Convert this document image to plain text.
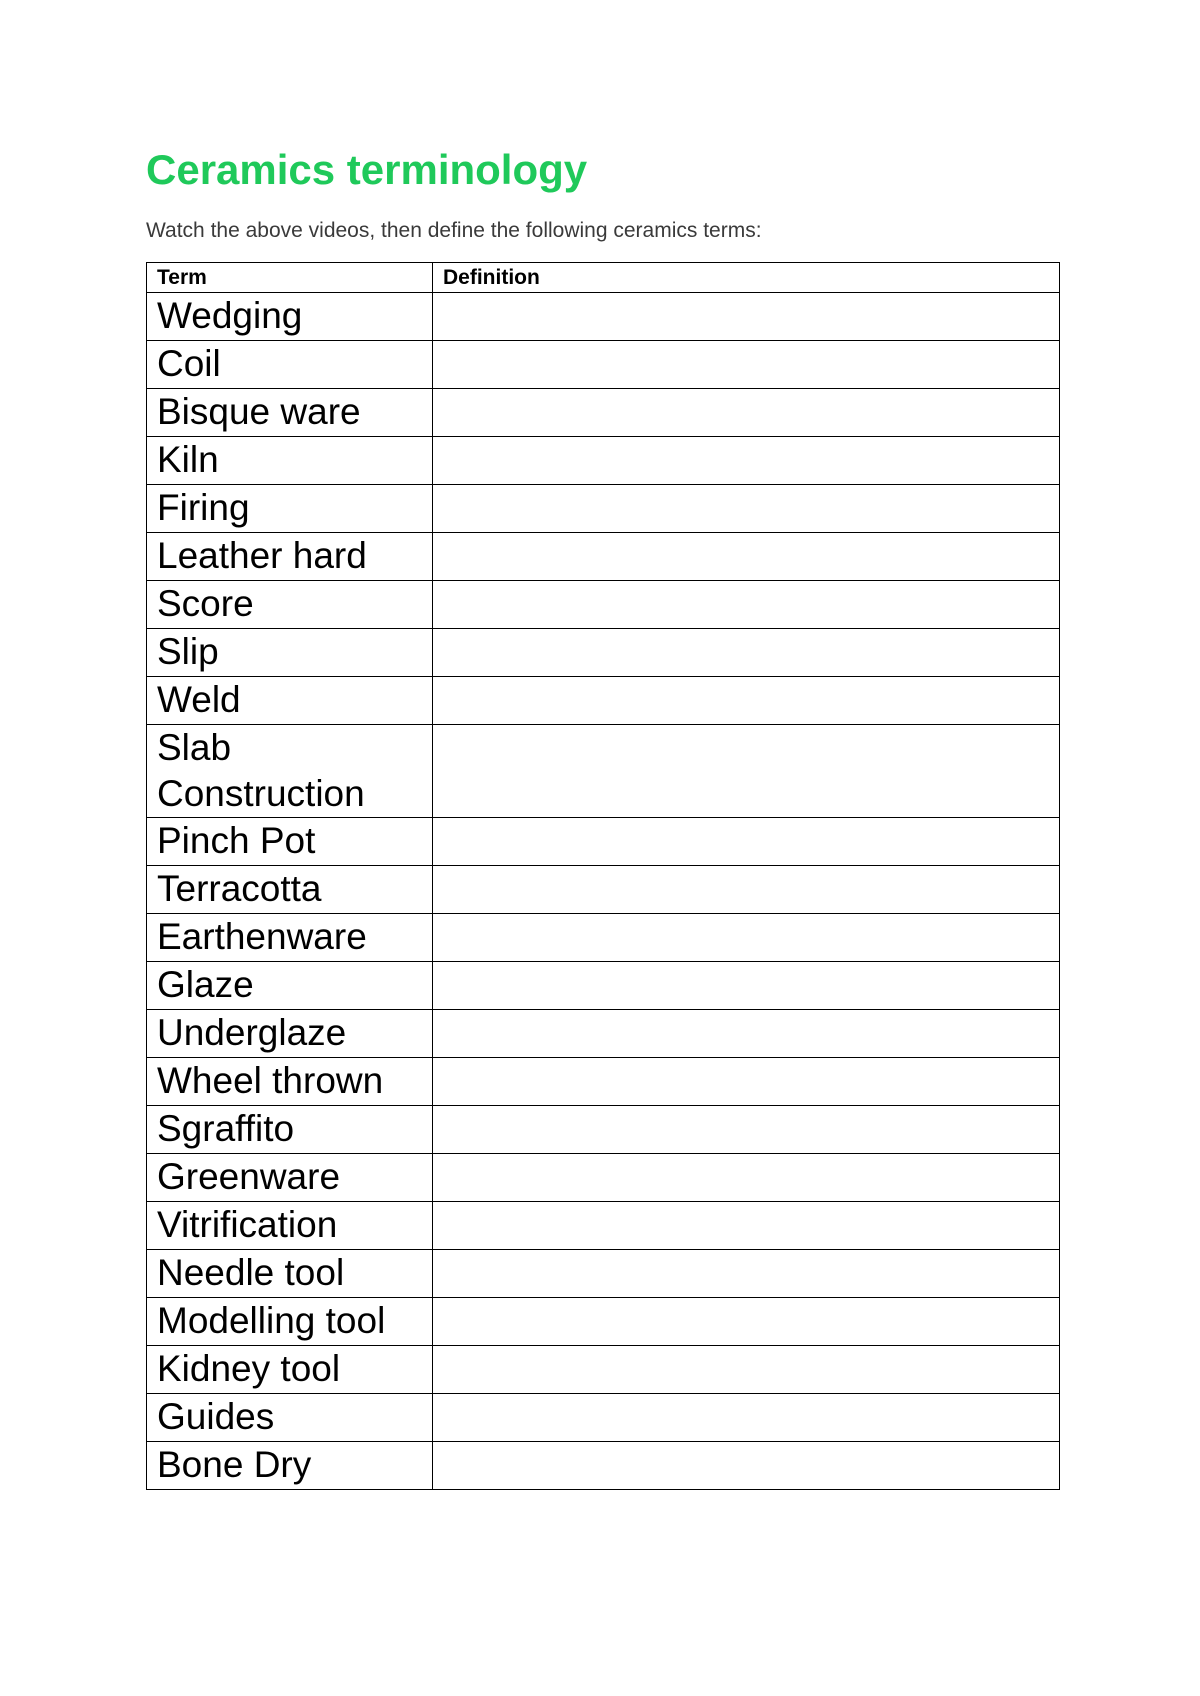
Ceramics terminology

Watch the above videos, then define the following ceramics terms:

Term	Definition
Wedging	
Coil	
Bisque ware	
Kiln	
Firing	
Leather hard	
Score	
Slip	
Weld	
Slab Construction	
Pinch Pot	
Terracotta	
Earthenware	
Glaze	
Underglaze	
Wheel thrown	
Sgraffito	
Greenware	
Vitrification	
Needle tool	
Modelling tool	
Kidney tool	
Guides	
Bone Dry	
